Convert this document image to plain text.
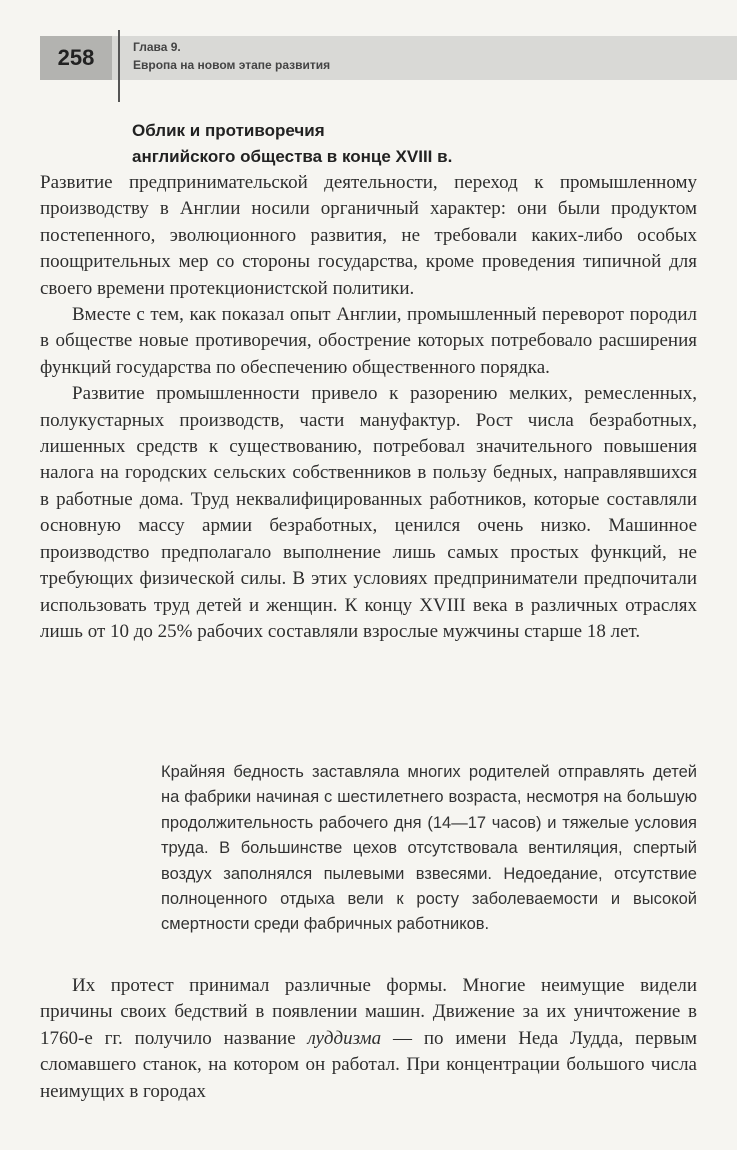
258	Глава 9.
Европа на новом этапе развития
Облик и противоречия
английского общества в конце XVIII в.

Развитие предпринимательской деятельности, переход к промышленному производству в Англии носили органичный характер: они были продуктом постепенного, эволюционного развития, не требовали каких-либо особых поощрительных мер со стороны государства, кроме проведения типичной для своего времени протекционистской политики.

Вместе с тем, как показал опыт Англии, промышленный переворот породил в обществе новые противоречия, обострение которых потребовало расширения функций государства по обеспечению общественного порядка.

Развитие промышленности привело к разорению мелких, ремесленных, полукустарных производств, части мануфактур. Рост числа безработных, лишенных средств к существованию, потребовал значительного повышения налога на городских сельских собственников в пользу бедных, направлявшихся в работные дома. Труд неквалифицированных работников, которые составляли основную массу армии безработных, ценился очень низко. Машинное производство предполагало выполнение лишь самых простых функций, не требующих физической силы. В этих условиях предприниматели предпочитали использовать труд детей и женщин. К концу XVIII века в различных отраслях лишь от 10 до 25% рабочих составляли взрослые мужчины старше 18 лет.

Крайняя бедность заставляла многих родителей отправлять детей на фабрики начиная с шестилетнего возраста, несмотря на большую продолжительность рабочего дня (14—17 часов) и тяжелые условия труда. В большинстве цехов отсутствовала вентиляция, спертый воздух заполнялся пылевыми взвесями. Недоедание, отсутствие полноценного отдыха вели к росту заболеваемости и высокой смертности среди фабричных работников.

Их протест принимал различные формы. Многие неимущие видели причины своих бедствий в появлении машин. Движение за их уничтожение в 1760-е гг. получило название луддизма — по имени Неда Лудда, первым сломавшего станок, на котором он работал. При концентрации большого числа неимущих в городах
